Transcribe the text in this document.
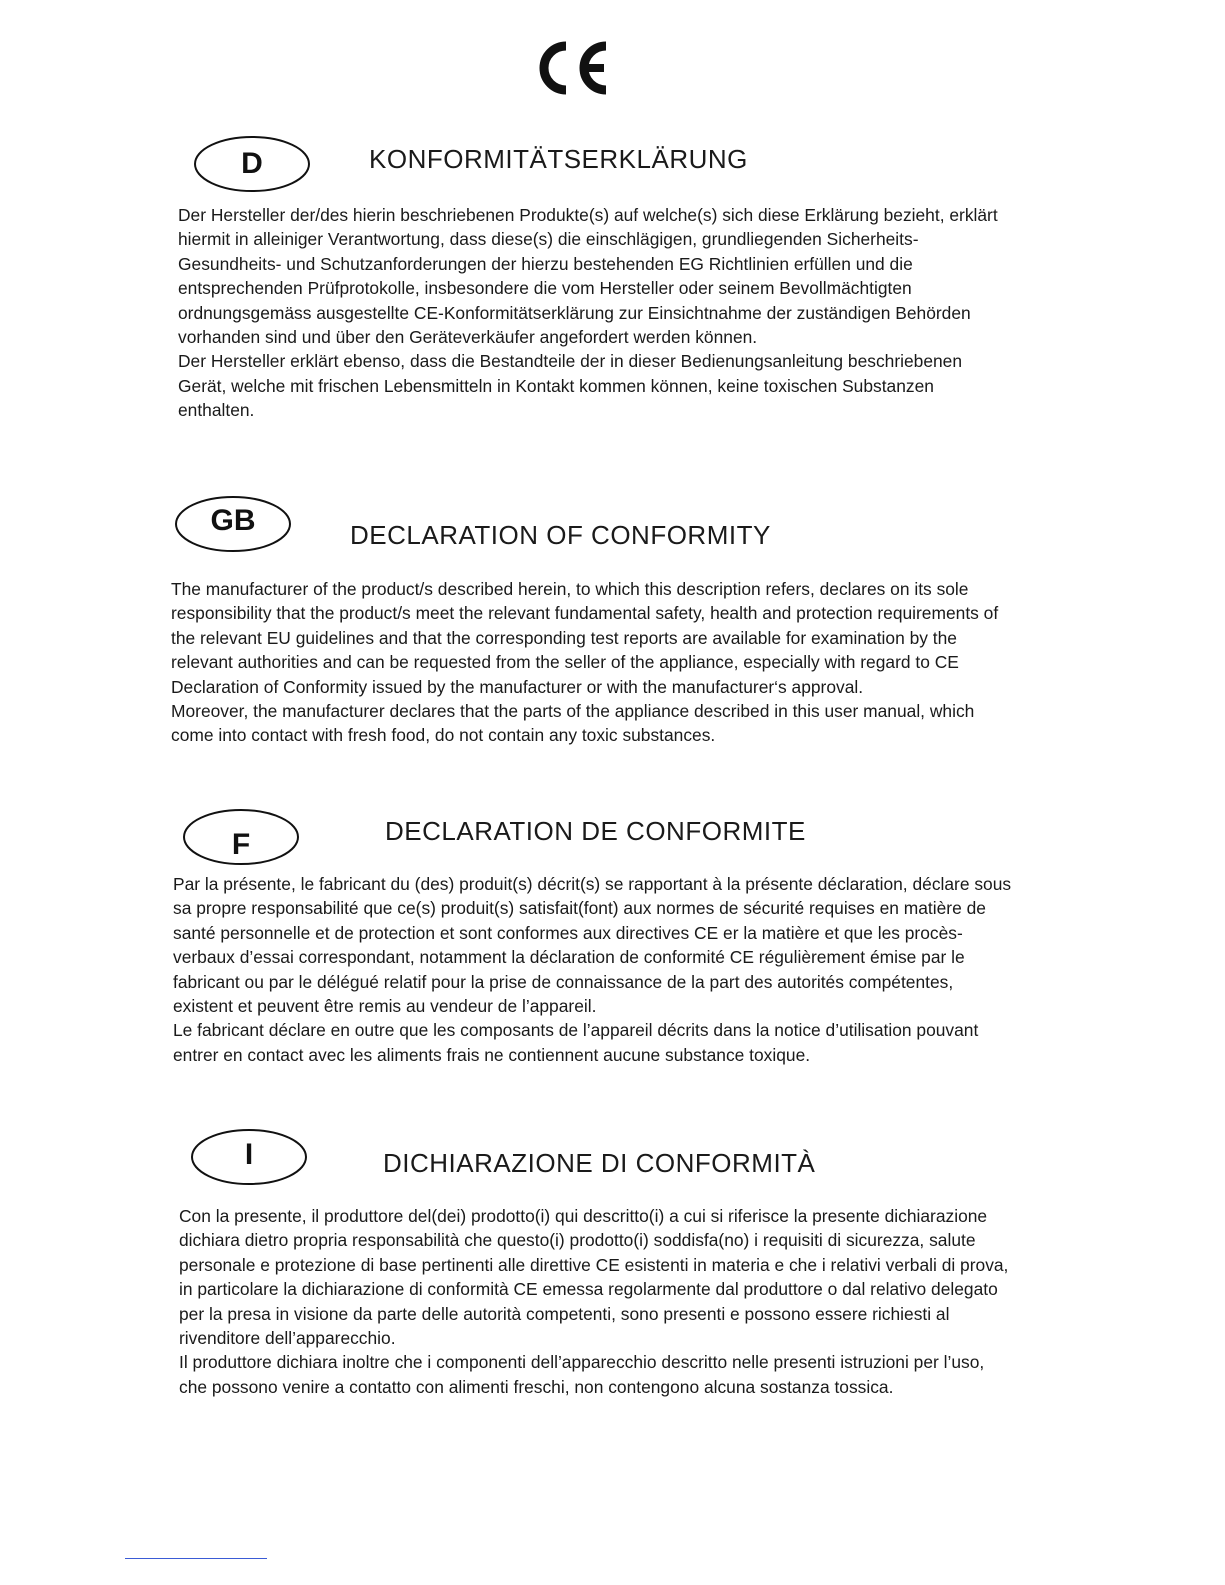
D	KONFORMITÄTSERKLÄRUNG

Der Hersteller der/des hierin beschriebenen Produkte(s) auf welche(s) sich diese Erklärung bezieht, erklärt hiermit in alleiniger Verantwortung, dass diese(s) die einschlägigen, grundliegenden Sicherheits- Gesundheits- und Schutzanforderungen der hierzu bestehenden EG Richtlinien erfüllen und die entsprechenden Prüfprotokolle, insbesondere die vom Hersteller oder seinem Bevollmächtigten ordnungsgemäss ausgestellte CE-Konformitätserklärung zur Einsichtnahme der zuständigen Behörden vorhanden sind und über den Geräteverkäufer angefordert werden können.

Der Hersteller erklärt ebenso, dass die Bestandteile der in dieser Bedienungsanleitung beschriebenen Gerät, welche mit frischen Lebensmitteln in Kontakt kommen können, keine toxischen Substanzen enthalten.

GB	DECLARATION OF CONFORMITY

The manufacturer of the product/s described herein, to which this description refers, declares on its sole responsibility that the product/s meet the relevant fundamental safety, health and protection requirements of the relevant EU guidelines and that the corresponding test reports are available for examination by the relevant authorities and can be requested from the seller of the appliance, especially with regard to CE Declaration of Conformity issued by the manufacturer or with the manufacturer‘s approval.

Moreover, the manufacturer declares that the parts of the appliance described in this user manual, which come into contact with fresh food, do not contain any toxic substances.

F	DECLARATION DE CONFORMITE

Par la présente, le fabricant du (des) produit(s) décrit(s) se rapportant à la présente déclaration, déclare sous sa propre responsabilité que ce(s) produit(s) satisfait(font) aux normes de sécurité requises en matière de santé personnelle et de protection et sont conformes aux directives CE er la matière et que les procès-verbaux d’essai correspondant, notamment la déclaration de conformité CE régulièrement émise par le fabricant ou par le délégué relatif pour la prise de connaissance de la part des autorités compétentes, existent et peuvent être remis au vendeur de l’appareil.

Le fabricant déclare en outre que les composants de l’appareil décrits dans la notice d’utilisation pouvant entrer en contact avec les aliments frais ne contiennent aucune substance toxique.

I	DICHIARAZIONE DI CONFORMITÀ

Con la presente, il produttore del(dei) prodotto(i) qui descritto(i) a cui si riferisce la presente dichiarazione dichiara dietro propria responsabilità che questo(i) prodotto(i) soddisfa(no) i requisiti di sicurezza, salute personale e protezione di base pertinenti alle direttive CE esistenti in materia e che i relativi verbali di prova, in particolare la dichiarazione di conformità CE emessa regolarmente dal produttore o dal relativo delegato per la presa in visione da parte delle autorità competenti, sono presenti e possono essere richiesti al rivenditore dell’apparecchio.

Il produttore dichiara inoltre che i componenti dell’apparecchio descritto nelle presenti istruzioni per l’uso, che possono venire a contatto con alimenti freschi, non contengono alcuna sostanza tossica.
